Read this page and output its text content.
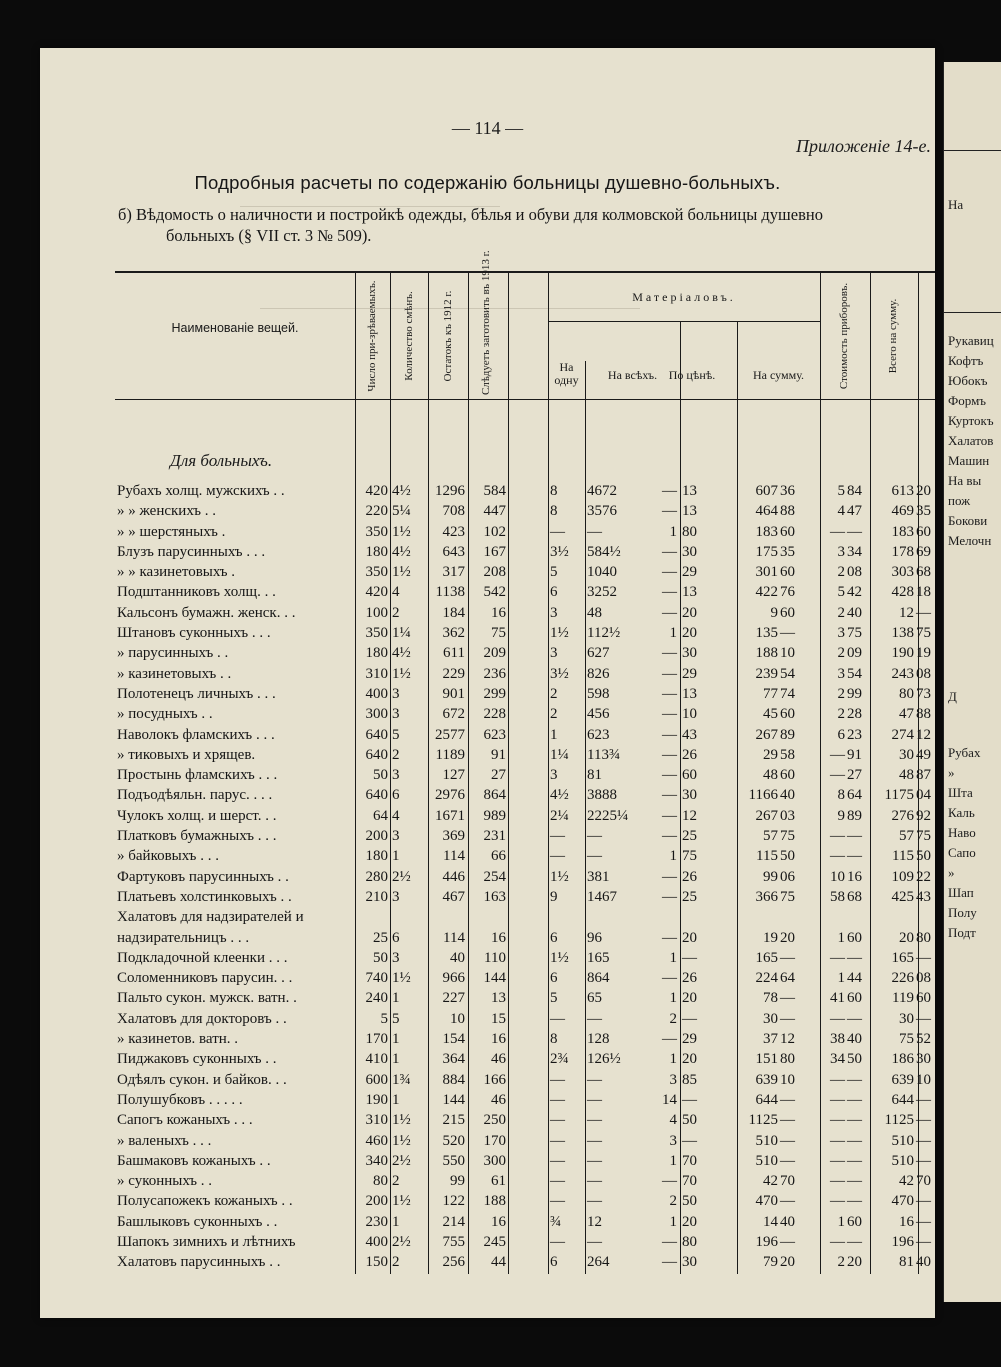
— 114 —
Приложеніе 14-е.
Подробныя расчеты по содержанію больницы душевно-больныхъ.
б) Вѣдомость о наличности и постройкѣ одежды, бѣлья и обуви для колмовской больницы душевно
больныхъ (§ VII ст. 3 № 509).
Наименованіе вещей.	Число при-зрѣваемыхъ. Количество смѣнъ. Остатокъ къ 1912 г. Слѣдуетъ заготовить въ 1913 г.	Матеріаловъ.
На одну	На всѣхъ. По цѣнѣ.	На сумму.	Стоимость приборовъ.	Всего на сумму.
Для больныхъ.
Рубахъ холщ. мужскихъ . .	420 4½	1296	584	8	4672	— 13	607 36	5 84	613 20
» » женскихъ . .	220 5¼	708	447	8	3576	— 13	464 88	4 47	469 35
» » шерстяныхъ .	350 1½	423	102	—	—	1 80	183 60	— —	183 60
Блузъ парусинныхъ . . .	180 4½	643	167	3½	584½	— 30	175 35	3 34	178 69
» » казинетовыхъ .	350 1½	317	208	5	1040	— 29	301 60	2 08	303 68
Подштанниковъ холщ. . .	420 4	1138	542	6	3252	— 13	422 76	5 42	428 18
Кальсонъ бумажн. женск. . .	100 2	184	16	3	48	— 20	9 60	2 40	12 —
Штановъ суконныхъ . . .	350 1¼	362	75	1½	112½	1 20	135 —	3 75	138 75
» парусинныхъ . .	180 4½	611	209	3	627	— 30	188 10	2 09	190 19
» казинетовыхъ . .	310 1½	229	236	3½	826	— 29	239 54	3 54	243 08
Полотенецъ личныхъ . . .	400 3	901	299	2	598	— 13	77 74	2 99	80 73
» посудныхъ . .	300 3	672	228	2	456	— 10	45 60	2 28	47 88
Наволокъ фламскихъ . . .	640 5	2577	623	1	623	— 43	267 89	6 23	274 12
» тиковыхъ и хрящев.	640 2	1189	91	1¼	113¾	— 26	29 58	— 91	30 49
Простынь фламскихъ . . .	50 3	127	27	3	81	— 60	48 60	— 27	48 87
Подъодѣяльн. парус. . . .	640 6	2976	864	4½	3888	— 30	1166 40	8 64	1175 04
Чулокъ холщ. и шерст. . .	64 4	1671	989	2¼	2225¼	— 12	267 03	9 89	276 92
Платковъ бумажныхъ . . .	200 3	369	231	—	—	— 25	57 75	— —	57 75
» байковыхъ . . .	180 1	114	66	—	—	1 75	115 50	— —	115 50
Фартуковъ парусинныхъ . .	280 2½	446	254	1½	381	— 26	99 06	10 16	109 22
Платьевъ холстинковыхъ . .	210 3	467	163	9	1467	— 25	366 75	58 68	425 43
Халатовъ для надзирателей и надзирательницъ . . .	25 6	114	16	6	96	— 20	19 20	1 60	20 80
Подкладочной клеенки . . .	50 3	40	110	1½	165	1 —	165 —	— —	165 —
Соломенниковъ парусин. . .	740 1½	966	144	6	864	— 26	224 64	1 44	226 08
Пальто сукон. мужск. ватн. .	240 1	227	13	5	65	1 20	78 —	41 60	119 60
Халатовъ для докторовъ . .	5 5	10	15	—	—	2 —	30 —	— —	30 —
» казинетов. ватн. .	170 1	154	16	8	128	— 29	37 12	38 40	75 52
Пиджаковъ суконныхъ . .	410 1	364	46	2¾	126½	1 20	151 80	34 50	186 30
Одѣялъ сукон. и байков. . .	600 1¾	884	166	—	—	3 85	639 10	— —	639 10
Полушубковъ . . . . .	190 1	144	46	—	—	14 —	644 —	— —	644 —
Сапогъ кожаныхъ . . .	310 1½	215	250	—	—	4 50	1125 —	— —	1125 —
» валеныхъ . . .	460 1½	520	170	—	—	3 —	510 —	— —	510 —
Башмаковъ кожаныхъ . .	340 2½	550	300	—	—	1 70	510 —	— —	510 —
» суконныхъ . .	80 2	99	61	—	—	— 70	42 70	— —	42 70
Полусапожекъ кожаныхъ . .	200 1½	122	188	—	—	2 50	470 —	— —	470 —
Башлыковъ суконныхъ . .	230 1	214	16	¾	12	1 20	14 40	1 60	16 —
Шапокъ зимнихъ и лѣтнихъ	400 2½	755	245	—	—	— 80	196 —	— —	196 —
Халатовъ парусинныхъ . .	150 2	256	44	6	264	— 30	79 20	2 20	81 40
На
Рукавиц
Кофтъ
Юбокъ
Формъ
Куртокъ
Халатов
Машин
На вы
пож
Бокови
Мелочн
Д
Рубах
»
Шта
Каль
Наво
Сапо
»
Шап
Полу
Подт
